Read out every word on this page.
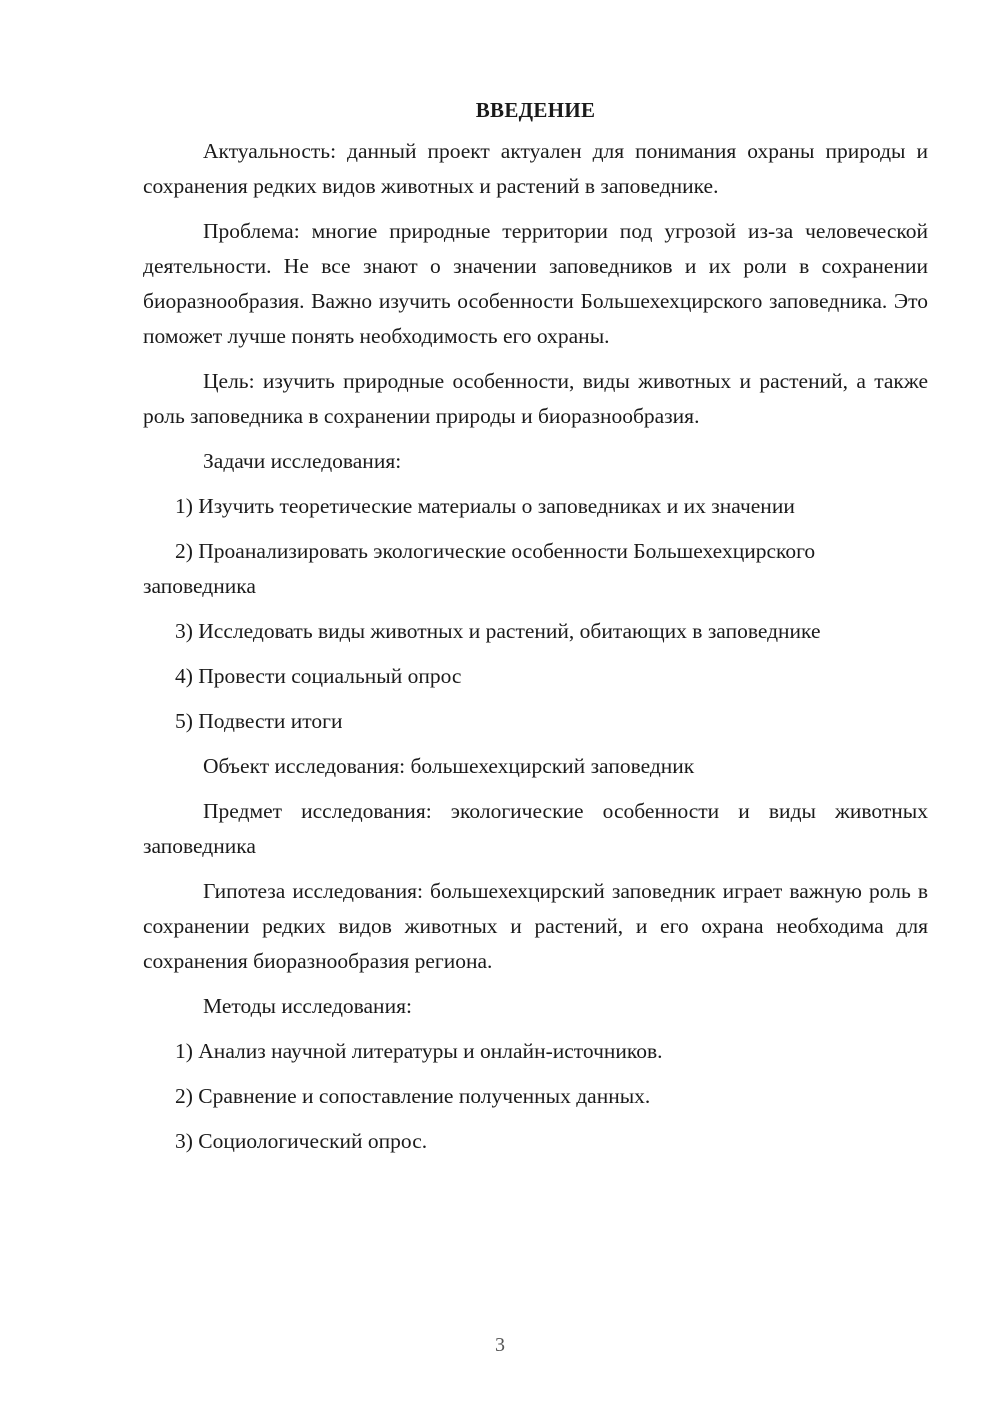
ВВЕДЕНИЕ

Актуальность: данный проект актуален для понимания охраны природы и сохранения редких видов животных и растений в заповеднике.

Проблема: многие природные территории под угрозой из-за человеческой деятельности. Не все знают о значении заповедников и их роли в сохранении биоразнообразия. Важно изучить особенности Большехехцирского заповедника. Это поможет лучше понять необходимость его охраны.

Цель: изучить природные особенности, виды животных и растений, а также роль заповедника в сохранении природы и биоразнообразия.

Задачи исследования:

1) Изучить теоретические материалы о заповедниках и их значении

2) Проанализировать экологические особенности Большехехцирского заповедника

3) Исследовать виды животных и растений, обитающих в заповеднике

4) Провести социальный опрос

5) Подвести итоги

Объект исследования: большехехцирский заповедник

Предмет исследования: экологические особенности и виды животных заповедника

Гипотеза исследования: большехехцирский заповедник играет важную роль в сохранении редких видов животных и растений, и его охрана необходима для сохранения биоразнообразия региона.

Методы исследования:

1) Анализ научной литературы и онлайн-источников.

2) Сравнение и сопоставление полученных данных.

3) Социологический опрос.

3
